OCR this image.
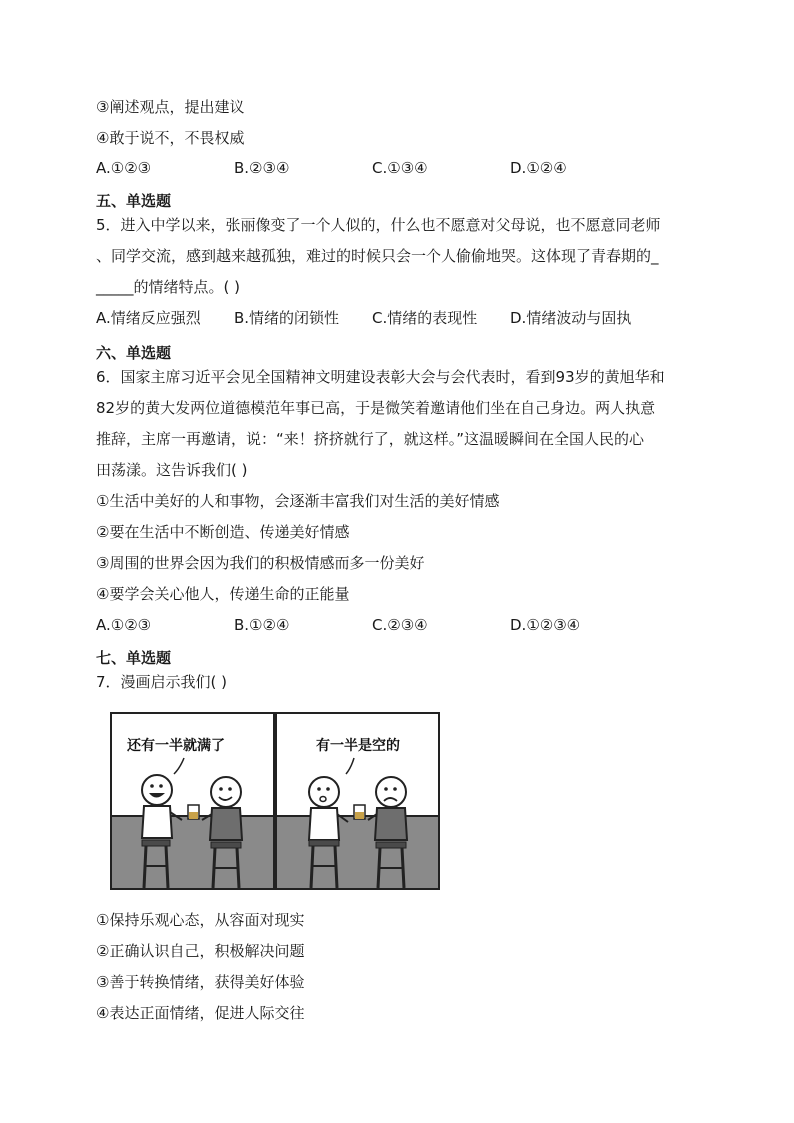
③阐述观点，提出建议
④敢于说不，不畏权威
A.①②③	B.②③④	C.①③④	D.①②④
五、单选题
5．进入中学以来，张丽像变了一个人似的，什么也不愿意对父母说，也不愿意同老师
、同学交流，感到越来越孤独，难过的时候只会一个人偷偷地哭。这体现了青春期的_
_____的情绪特点。( )
A.情绪反应强烈 B.情绪的闭锁性 C.情绪的表现性 D.情绪波动与固执
六、单选题
6．国家主席习近平会见全国精神文明建设表彰大会与会代表时，看到93岁的黄旭华和
82岁的黄大发两位道德模范年事已高，于是微笑着邀请他们坐在自己身边。两人执意
推辞，主席一再邀请，说：“来！挤挤就行了，就这样。”这温暖瞬间在全国人民的心
田荡漾。这告诉我们( )
①生活中美好的人和事物，会逐渐丰富我们对生活的美好情感
②要在生活中不断创造、传递美好情感
③周围的世界会因为我们的积极情感而多一份美好
④要学会关心他人，传递生命的正能量
A.①②③	B.①②④	C.②③④	D.①②③④
七、单选题
7．漫画启示我们( )
还有一半就满了	有一半是空的
①保持乐观心态，从容面对现实
②正确认识自己，积极解决问题
③善于转换情绪，获得美好体验
④表达正面情绪，促进人际交往
